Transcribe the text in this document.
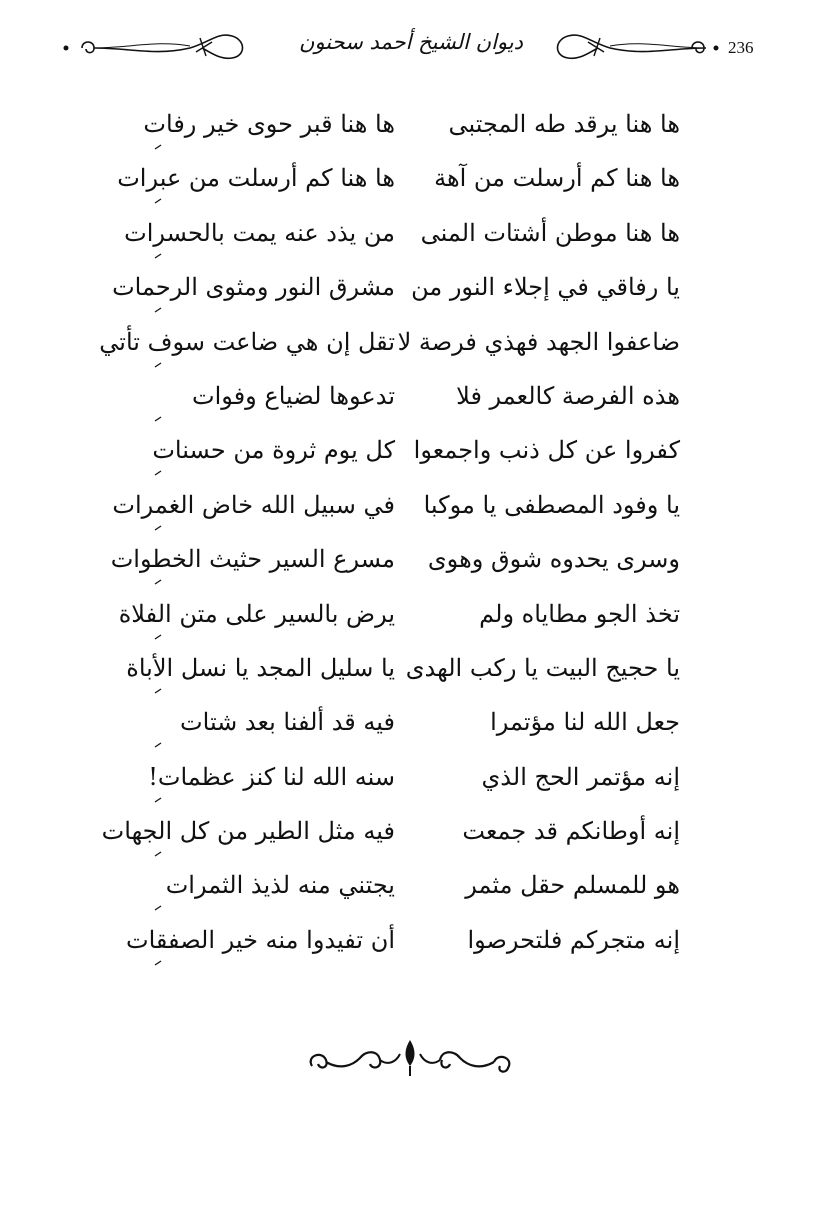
ديوان الشيخ أحمد سحنون	236
ها هنا يرقد طه المجتبى
ها هنا قبر حوى خير رفات
ها هنا كم أرسلت من آهة
ها هنا كم أرسلت من عبرات
ها هنا موطن أشتات المنى
من يذد عنه يمت بالحسرات
يا رفاقي في إجلاء النور من
مشرق النور ومثوى الرحمات
ضاعفوا الجهد فهذي فرصة لا
تقل إن هي ضاعت سوف تأتي
هذه الفرصة كالعمر فلا
تدعوها لضياع وفوات
كفروا عن كل ذنب واجمعوا
كل يوم ثروة من حسنات
يا وفود المصطفى يا موكبا
في سبيل الله خاض الغمرات
وسرى يحدوه شوق وهوى
مسرع السير حثيث الخطوات
تخذ الجو مطاياه ولم
يرض بالسير على متن الفلاة
يا حجيج البيت يا ركب الهدى
يا سليل المجد يا نسل الأباة
جعل الله لنا مؤتمرا
فيه قد ألفنا بعد شتات
إنه مؤتمر الحج الذي
سنه الله لنا كنز عظمات!
إنه أوطانكم قد جمعت
فيه مثل الطير من كل الجهات
هو للمسلم حقل مثمر
يجتني منه لذيذ الثمرات
إنه متجركم فلتحرصوا
أن تفيدوا منه خير الصفقات
